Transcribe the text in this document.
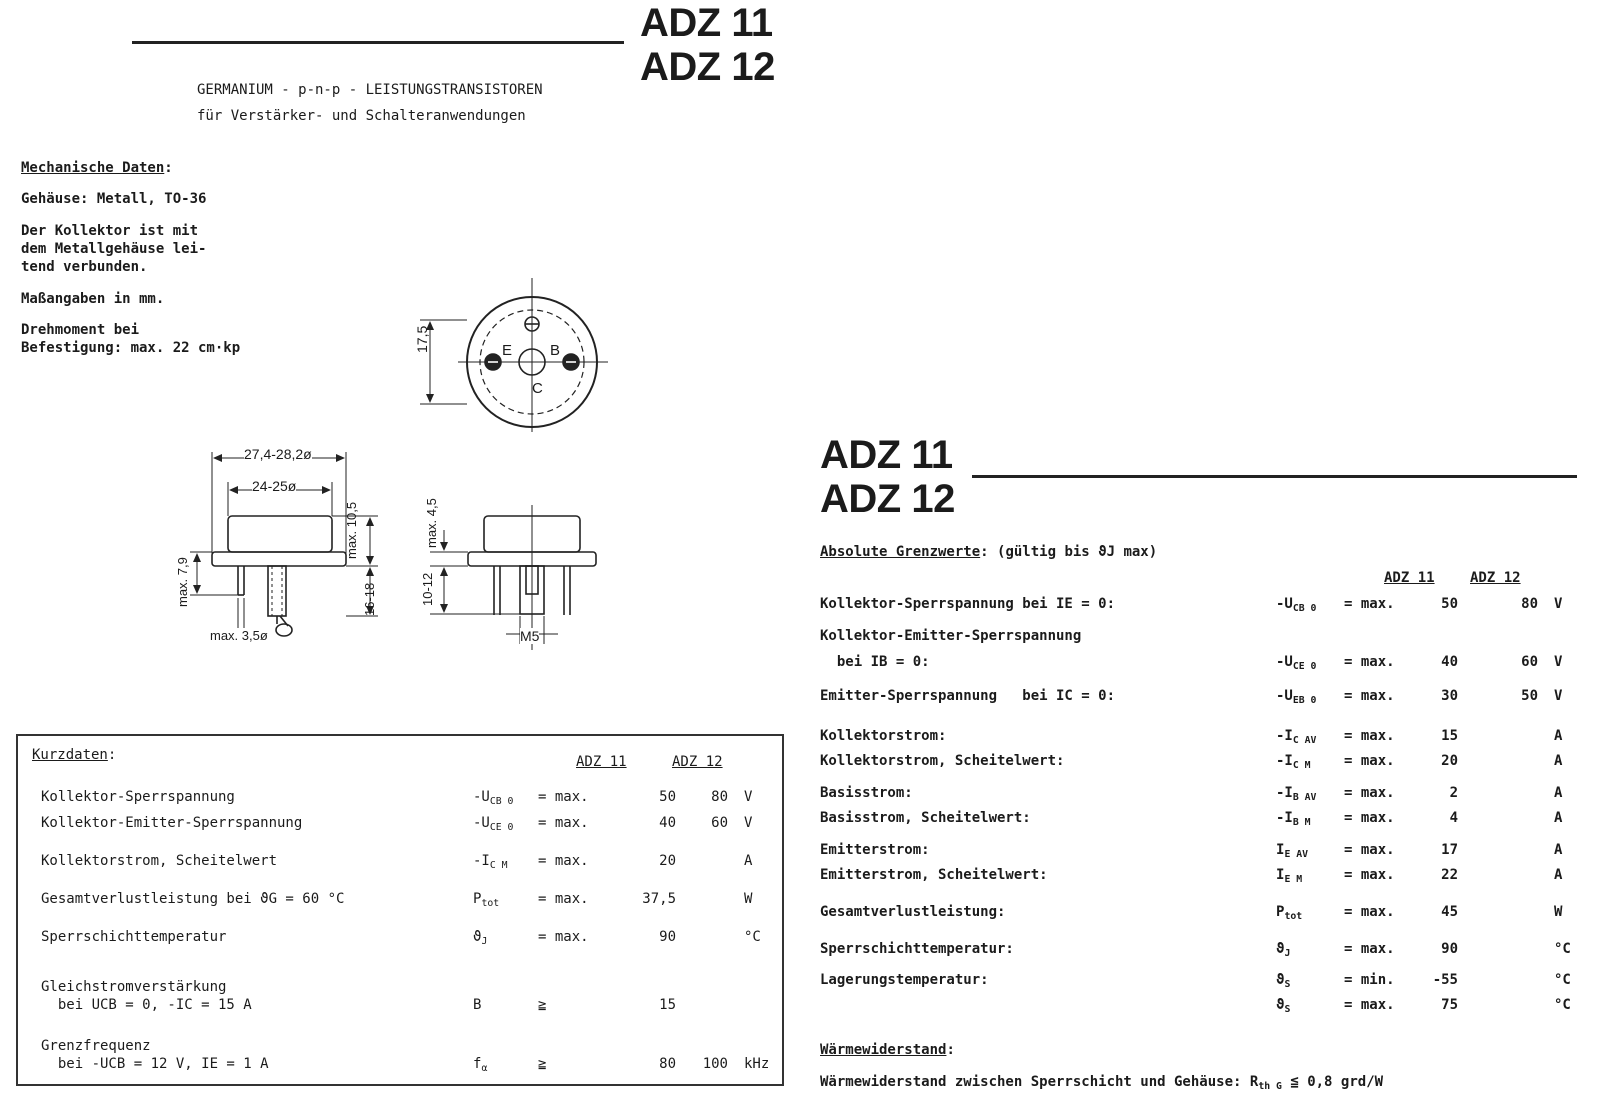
ADZ 11
ADZ 12
GERMANIUM - p-n-p - LEISTUNGSTRANSISTOREN
für Verstärker- und Schalteranwendungen
Mechanische Daten:
Gehäuse: Metall, TO-36
Der Kollektor ist mit
dem Metallgehäuse lei-
tend verbunden.
Maßangaben in mm.
Drehmoment bei
Befestigung: max. 22 cm·kp	17,5	E	B
C
27,4-28,2ø
24-25ø
max. 10,5
max. 7,9	16-18
max. 3,5ø
10-12
max. 4,5
M5
Kurzdaten:	ADZ 11	ADZ 12
Kollektor-Sperrspannung	$-U_{CB 0} = \max$.	50	80 V
Kollektor-Emitter-Sperrspannung	$-U_{CE 0} = \max$.	40	60 V
Kollektorstrom, Scheitelwert	$-I_{C M} = \max$.	20	A
Gesamtverlustleistung bei ϑG = 60 °C	$P_{tot}$	= max.	37,5	W
Sperrschichttemperatur	$ϑ_J$	= max.	90	°C
Gleichstromverstärkung
bei UCB = 0, -IC = 15 A	B	≧	15
Grenzfrequenz
bei -UCB = 12 V, IE = 1 A	$f_\alpha$	≧	80	100 kHz
ADZ 11
ADZ 12
Absolute Grenzwerte: (gültig bis ϑJ max)
ADZ 11	ADZ 12
Kollektor-Sperrspannung bei IE = 0:	$-U_{CB 0} = \max$.	50	80 V
Kollektor-Emitter-Sperrspannung
bei IB = 0:	$-U_{CE 0} = \max$.	40	60 V
Emitter-Sperrspannung   bei IC = 0:	$-U_{EB 0} = \max$.	30	50 V
Kollektorstrom:	$-I_{C AV} = \max$.	15	A
Kollektorstrom, Scheitelwert:	$-I_{C M} = \max$.	20	A
Basisstrom:	$-I_{B AV} = \max$.	2	A
Basisstrom, Scheitelwert:	$-I_{B M} = \max$.	4	A
Emitterstrom:	$I_{E AV}$	= max.	17	A
Emitterstrom, Scheitelwert:	$I_{E M}$	= max.	22	A
Gesamtverlustleistung:	$P_{tot}$	= max.	45	W
Sperrschichttemperatur:	$ϑ_J$	= max.	90	°C
Lagerungstemperatur:	$ϑ_S$	= min.	-55	°C
$ϑ_S$	= max.	75	°C
Wärmewiderstand:
Wärmewiderstand zwischen Sperrschicht und Gehäuse: $R_{th G}$ ≦ 0,8 grd/W
